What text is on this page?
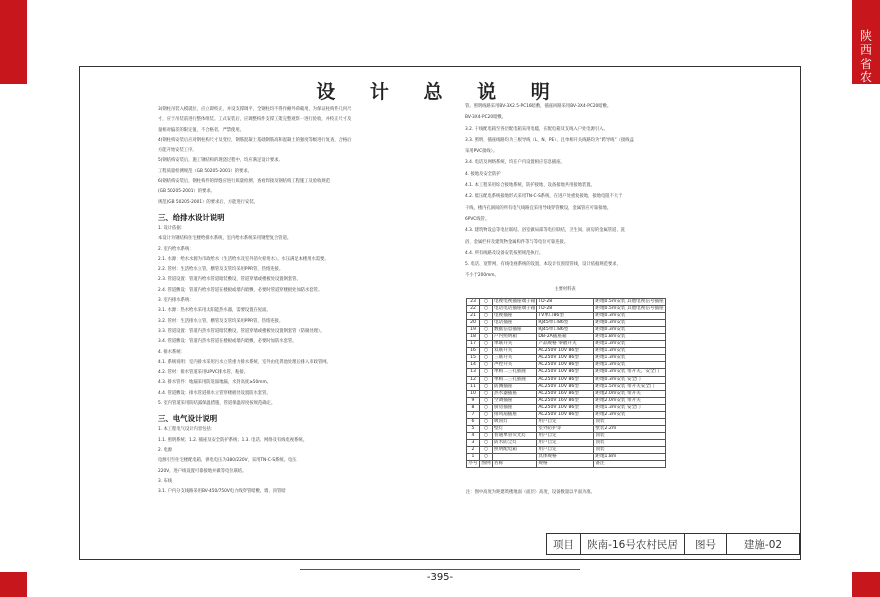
陕
西
省
农
村
特
色
民
居
设
计
图
集
设 计 总 说 明
3)钢柱吊装入模就位，应立即校正，并设支撑调平，全钢柱均不得作额外荷载用，为保证柱构件几何尺
寸，应于吊装前进行整体组装。工式安装后，应调整构件支撑工架完整观察一进行验收，并校正尺寸及
量相对偏差的限定值，不合格者，严禁使用。
4)钢柱构安装后应对钢柱构尺寸及变位，钢筋混凝土基础钢筋高和混凝土的强度等级进行复查，合格后
方能开始安装工序。
5)钢结构安装后，施工钢结构的现浇过程中，均应满足设计要求。
工程质量检测规范（GB 50205-2001）的要求。
6)钢结构安装后，钢柱构件的焊缝应进行质量检测，查看焊接及钢结构工程施工及验收规范
(GB 50205-2001）的要求。
规范(GB 50205-2001）的要求后，方能进行安装。
三、给排水设计说明
1. 设计依据：
本设计为钢结构住宅楼给排水系统，室内给水系统采用钢塑复合管道。
2. 室内给水系统：
2.1. 水源：给水水源为市政给水（生活给水及室外消火栓用水）。水压满足本楼用水需要。
2.2. 管材：生活给水立管，横管及支管均采用PPR管，热熔连接。
2.3. 管道设置：管道内给水管道暗装敷设，管道穿墙或楼板处设置钢套管。
2.4. 管道敷设：管道内给水管道在楼板或墙内暗敷，必要时管道穿楼板处加防水套管。
3. 室内排水系统：
3.1. 水源：热水给水采用太阳能热水器，需要设置在屋面。
3.2. 管材：生活排水立管，横管及支管均采用PPR管，热熔连接。
3.3. 管道设置：管道内热水管道暗装敷设，管道穿墙或楼板处设置钢套管（防腐处理）。
3.4. 管道敷设：管道内热水管道在楼板或墙内暗敷，必要时加防水套管。
4. 排水系统：
4.1. 系统说明：室内排水采用污水立管重力排水系统，室外由化粪池处理后排入市政管网。
4.2. 管材：排水管道采用UPVC排水管，粘接。
4.3. 排水管件：地漏采用防返溢地漏，水封高度≥50mm。
4.4. 管道敷设：排水管道排水立管穿楼板处设置防水套管。
5. 室内管道采用防结露保温措施，管道保温厚度按规范确定。
三、电气设计说明
1. 本工程电气设计内容包括：
1.1. 照明系统；1.2. 插座及安全防护系统；1.3. 电话、网络及有线电视系统。
2. 电源
电源引至住宅楼配电箱，供电电压为380/220V，采用TN-C-S系统。电压
220V，进户线设置可靠接地并做等电位联结。
3. 布线
3.1. 户内分支线路采用BV-450/750V电力线穿管暗敷，墙、顶管暗
管。照明线路采用BV-3X2.5-PC16暗敷，插座回路采用BV-3X4-PC20暗敷。
BV-3X4-PC20暗敷。
3.2. 干线配电箱至各层配电箱采用电缆，在配电箱及支线入户处电源引入。
3.3. 照明、插座线路均为三根导线（L、N、PE），且单相开关线路均为“跨导线”（接线盒
采用PVC接线）。
3.4. 电话及网络系统，均在户内设置相应信息插座。
4. 接地及安全防护
4.1. 本工程采用综合接地系统，防护接地、设备接地共用接地装置。
4.2. 低压配电系统接地形式采用TN-C-S系统，在进户处重复接地，接地电阻不大于
干线，楼内孔洞间的所有电气线路宜采用导线穿管敷设，金属管应可靠接地。
6PVC线管。
4.3. 建筑物设总等电位联结。浴室做局部等电位联结，卫生间、厨房的金属管道、洗
浴、金属栏杆及建筑物金属构件等与等电位可靠连接。
4.4. 所有线路及设备安装按照规范执行。
5. 电话、宽带网、有线电视系统的设置，本设计仅预留管线，设计依据规范要求，
不小于200mm。
主要材料表
23	○	电视电视插座端子箱	TD-28	距地0.5m安装 其他电视信号插座
22	○	电话电话插座端子箱	TD-28	距地0.5m安装 其他电视信号插座
21	○	电视插座	TV单口86型	距地0.3m安装
20	○	电话插座	RJ45单口86型	距地0.3m安装
19	○	数据信息插座	RJ45单口86型	距地0.3m安装
18	○	户内照明箱	DB-2A插座箱	距地1.8m安装
17	○	单联开关	产品规格 零散开关	距地1.3m安装
16	○	双联开关	AC250V 10V 86型	距地1.3m安装
15	○	三联开关	AC250V 10V 86型	距地1.3m安装
14	○	声控开关	AC250V 10V 86型	距地1.3m安装
13	○	单相二三孔插座	AC250V 10V 86型	距地0.3m安装 带开关，安全门
12	○	单相二三孔插座	AC250V 10V 86型	距地0.3m安装 安全门
11	○	防溅插座	AC250V 10V 86型	距地1.5m安装 带开关安全门
10	○	热水器插座	AC250V 16V 86型	距地2.0m安装 带开关
9	○	空调插座	AC250V 16V 86型	距地2.0m安装 带开关
8	○	厨房插座	AC250V 10V 86型	距地1.3m安装 安全门
7	○	排风扇插座	AC250V 10V 86型	距地2.3m安装
6	○	吸顶灯	用户自定	顶装
5	○	壁灯	室外防护等	壁装2.2m
4	○	普通单管荧光灯	用户自定	顶装
3	○	防水防尘灯	用户自定	顶装
2	○	照明配电箱	用户自定	顶装
1	○		具体规格	距地1.8m
序号	图例	名称	规格	备注
注：图中高度为距建筑楼地面（面层）高度，设备数量以平面为准。
项目	陕南-16号农村民居	图号	建施-02
-395-
